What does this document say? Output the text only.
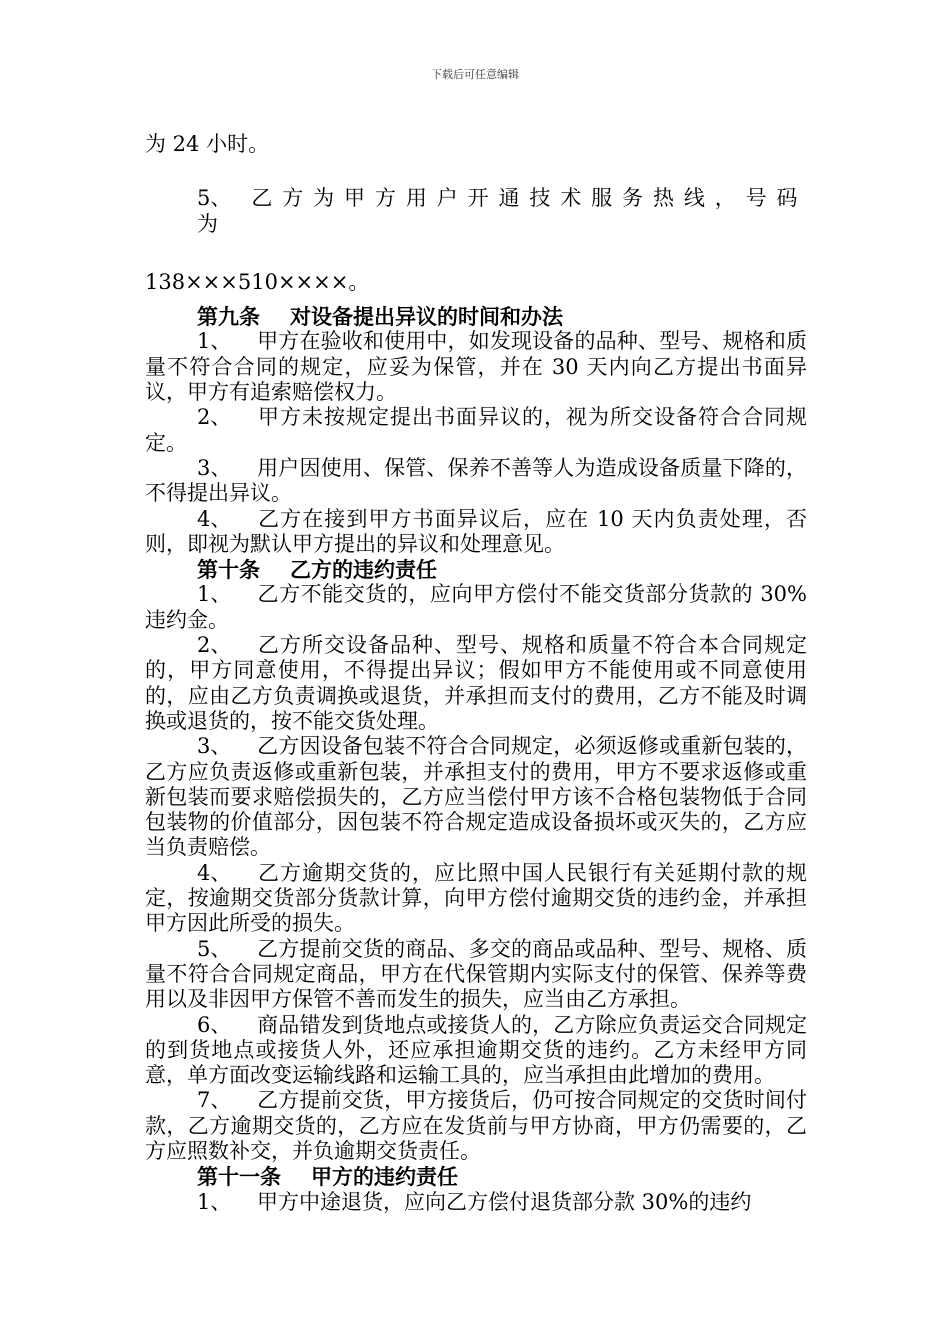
下载后可任意编辑

为 24 小时。

5、 乙方为甲方用户开通技术服务热线，号码为

138×××510××××。

第九条 对设备提出异议的时间和办法

1、 甲方在验收和使用中，如发现设备的品种、型号、规格和质量不符合合同的规定，应妥为保管，并在 30 天内向乙方提出书面异议，甲方有追索赔偿权力。

2、 甲方未按规定提出书面异议的，视为所交设备符合合同规定。

3、 用户因使用、保管、保养不善等人为造成设备质量下降的，不得提出异议。

4、 乙方在接到甲方书面异议后，应在 10 天内负责处理，否则，即视为默认甲方提出的异议和处理意见。

第十条 乙方的违约责任

1、 乙方不能交货的，应向甲方偿付不能交货部分货款的 30%违约金。

2、 乙方所交设备品种、型号、规格和质量不符合本合同规定的，甲方同意使用，不得提出异议；假如甲方不能使用或不同意使用的，应由乙方负责调换或退货，并承担而支付的费用，乙方不能及时调换或退货的，按不能交货处理。

3、 乙方因设备包装不符合合同规定，必须返修或重新包装的，乙方应负责返修或重新包装，并承担支付的费用，甲方不要求返修或重新包装而要求赔偿损失的，乙方应当偿付甲方该不合格包装物低于合同包装物的价值部分，因包装不符合规定造成设备损坏或灭失的，乙方应当负责赔偿。

4、 乙方逾期交货的，应比照中国人民银行有关延期付款的规定，按逾期交货部分货款计算，向甲方偿付逾期交货的违约金，并承担甲方因此所受的损失。

5、 乙方提前交货的商品、多交的商品或品种、型号、规格、质量不符合合同规定商品，甲方在代保管期内实际支付的保管、保养等费用以及非因甲方保管不善而发生的损失，应当由乙方承担。

6、 商品错发到货地点或接货人的，乙方除应负责运交合同规定的到货地点或接货人外，还应承担逾期交货的违约。乙方未经甲方同意，单方面改变运输线路和运输工具的，应当承担由此增加的费用。

7、 乙方提前交货，甲方接货后，仍可按合同规定的交货时间付款，乙方逾期交货的，乙方应在发货前与甲方协商，甲方仍需要的，乙方应照数补交，并负逾期交货责任。

第十一条 甲方的违约责任

1、 甲方中途退货，应向乙方偿付退货部分款 30%的违约
